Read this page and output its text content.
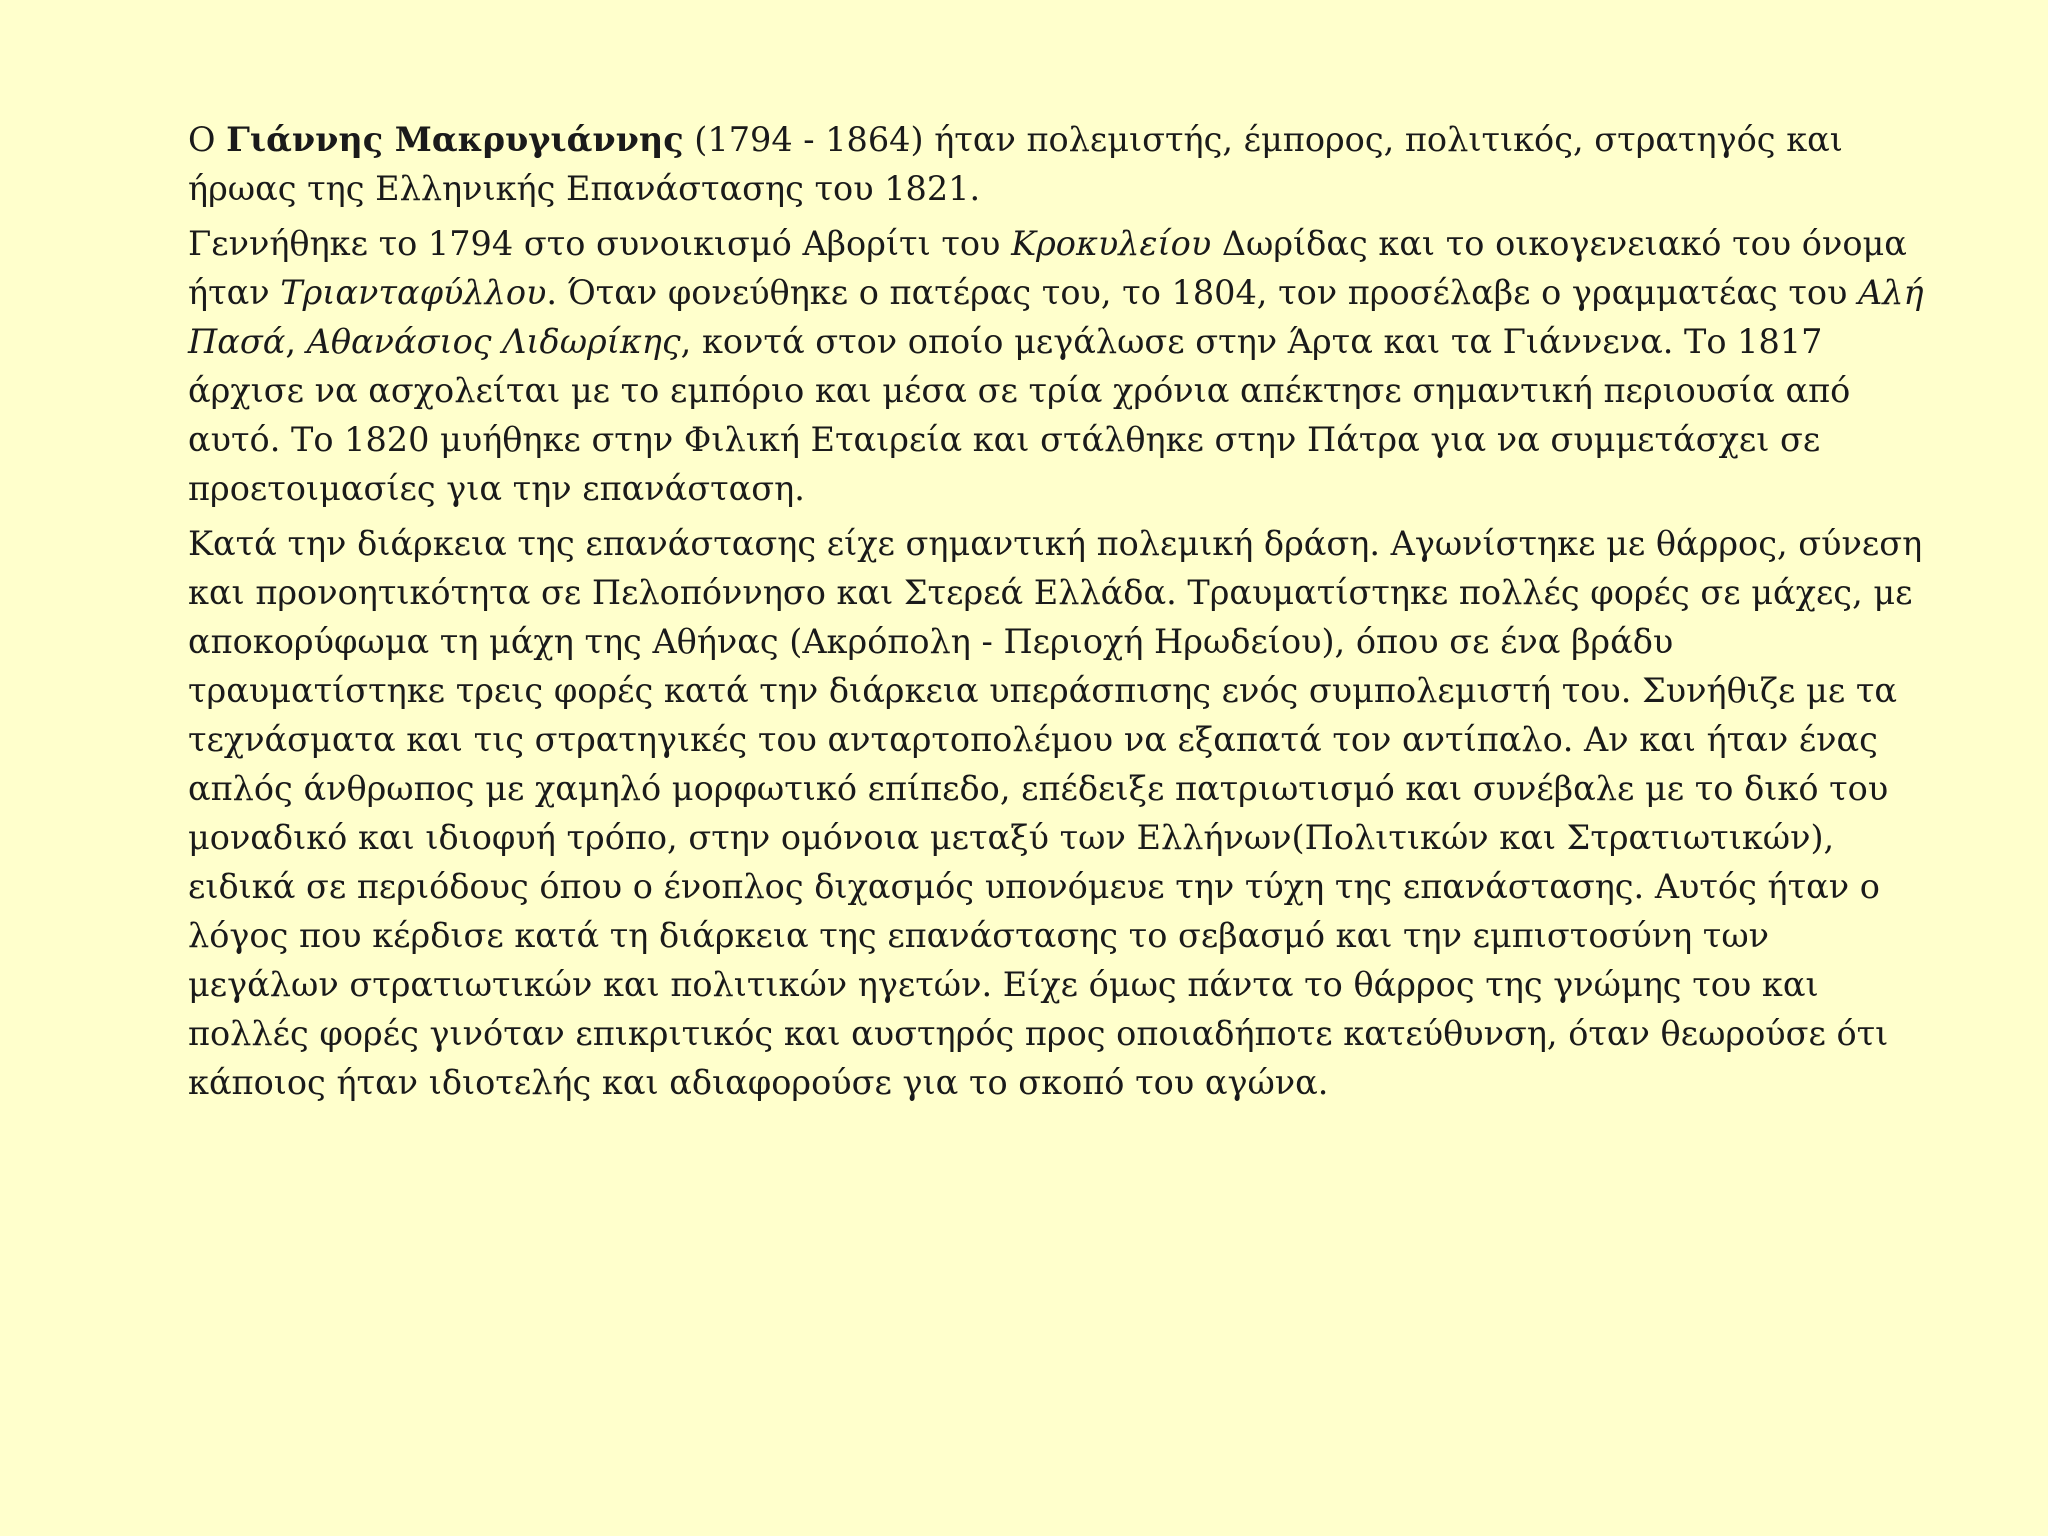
Ο Γιάννης Μακρυγιάννης (1794 - 1864) ήταν πολεμιστής, έμπορος, πολιτικός, στρατηγός και ήρωας της Ελληνικής Επανάστασης του 1821.

Γεννήθηκε το 1794 στο συνοικισμό Αβορίτι του Κροκυλείου Δωρίδας και το οικογενειακό του όνομα ήταν Τριανταφύλλου. Όταν φονεύθηκε ο πατέρας του, το 1804, τον προσέλαβε ο γραμματέας του Αλή Πασά, Αθανάσιος Λιδωρίκης, κοντά στον οποίο μεγάλωσε στην Άρτα και τα Γιάννενα. Το 1817 άρχισε να ασχολείται με το εμπόριο και μέσα σε τρία χρόνια απέκτησε σημαντική περιουσία από αυτό. Το 1820 μυήθηκε στην Φιλική Εταιρεία και στάλθηκε στην Πάτρα για να συμμετάσχει σε προετοιμασίες για την επανάσταση.

Κατά την διάρκεια της επανάστασης είχε σημαντική πολεμική δράση. Αγωνίστηκε με θάρρος, σύνεση και προνοητικότητα σε Πελοπόννησο και Στερεά Ελλάδα. Τραυματίστηκε πολλές φορές σε μάχες, με αποκορύφωμα τη μάχη της Αθήνας (Ακρόπολη - Περιοχή Ηρωδείου), όπου σε ένα βράδυ τραυματίστηκε τρεις φορές κατά την διάρκεια υπεράσπισης ενός συμπολεμιστή του. Συνήθιζε με τα τεχνάσματα και τις στρατηγικές του ανταρτοπολέμου να εξαπατά τον αντίπαλο. Αν και ήταν ένας απλός άνθρωπος με χαμηλό μορφωτικό επίπεδο, επέδειξε πατριωτισμό και συνέβαλε με το δικό του μοναδικό και ιδιοφυή τρόπο, στην ομόνοια μεταξύ των Ελλήνων(Πολιτικών και Στρατιωτικών), ειδικά σε περιόδους όπου ο ένοπλος διχασμός υπονόμευε την τύχη της επανάστασης. Αυτός ήταν ο λόγος που κέρδισε κατά τη διάρκεια της επανάστασης το σεβασμό και την εμπιστοσύνη των μεγάλων στρατιωτικών και πολιτικών ηγετών. Είχε όμως πάντα το θάρρος της γνώμης του και πολλές φορές γινόταν επικριτικός και αυστηρός προς οποιαδήποτε κατεύθυνση, όταν θεωρούσε ότι κάποιος ήταν ιδιοτελής και αδιαφορούσε για το σκοπό του αγώνα.
